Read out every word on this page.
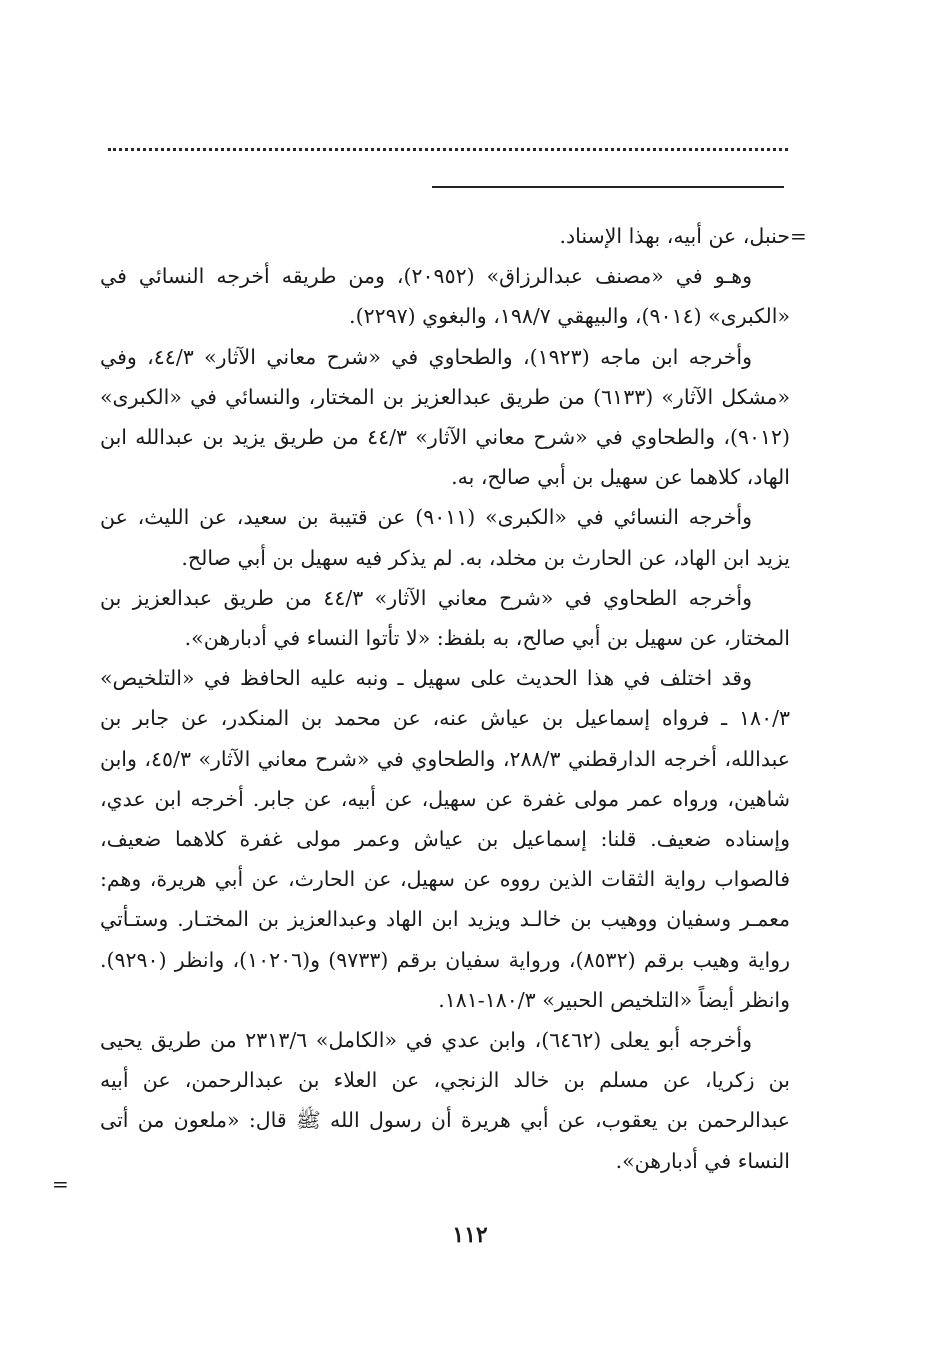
=

حنبل، عن أبيه، بهذا الإسناد.

وهـو في «مصنف عبدالرزاق» (٢٠٩٥٢)، ومن طريقه أخرجه النسائي في «الكبرى» (٩٠١٤)، والبيهقي ١٩٨/٧، والبغوي (٢٢٩٧).

وأخرجه ابن ماجه (١٩٢٣)، والطحاوي في «شرح معاني الآثار» ٤٤/٣، وفي «مشكل الآثار» (٦١٣٣) من طريق عبدالعزيز بن المختار، والنسائي في «الكبرى» (٩٠١٢)، والطحاوي في «شرح معاني الآثار» ٤٤/٣ من طريق يزيد بن عبدالله ابن الهاد، كلاهما عن سهيل بن أبي صالح، به.

وأخرجه النسائي في «الكبرى» (٩٠١١) عن قتيبة بن سعيد، عن الليث، عن يزيد ابن الهاد، عن الحارث بن مخلد، به. لم يذكر فيه سهيل بن أبي صالح.

وأخرجه الطحاوي في «شرح معاني الآثار» ٤٤/٣ من طريق عبدالعزيز بن المختار، عن سهيل بن أبي صالح، به بلفظ: «لا تأتوا النساء في أدبارهن».

وقد اختلف في هذا الحديث على سهيل ـ ونبه عليه الحافظ في «التلخيص» ١٨٠/٣ ـ فرواه إسماعيل بن عياش عنه، عن محمد بن المنكدر، عن جابر بن عبدالله، أخرجه الدارقطني ٢٨٨/٣، والطحاوي في «شرح معاني الآثار» ٤٥/٣، وابن شاهين، ورواه عمر مولى غفرة عن سهيل، عن أبيه، عن جابر. أخرجه ابن عدي، وإسناده ضعيف. قلنا: إسماعيل بن عياش وعمر مولى غفرة كلاهما ضعيف، فالصواب رواية الثقات الذين رووه عن سهيل، عن الحارث، عن أبي هريرة، وهم: معمـر وسفيان ووهيب بن خالـد ويزيد ابن الهاد وعبدالعزيز بن المختـار. وستـأتي رواية وهيب برقم (٨٥٣٢)، ورواية سفيان برقم (٩٧٣٣) و(١٠٢٠٦)، وانظر (٩٢٩٠). وانظر أيضاً «التلخيص الحبير» ١٨٠/٣-١٨١.

وأخرجه أبو يعلى (٦٤٦٢)، وابن عدي في «الكامل» ٢٣١٣/٦ من طريق يحيى بن زكريا، عن مسلم بن خالد الزنجي، عن العلاء بن عبدالرحمن، عن أبيه عبدالرحمن بن يعقوب، عن أبي هريرة أن رسول الله ﷺ قال: «ملعون من أتى النساء في أدبارهن».

=
١١٢
